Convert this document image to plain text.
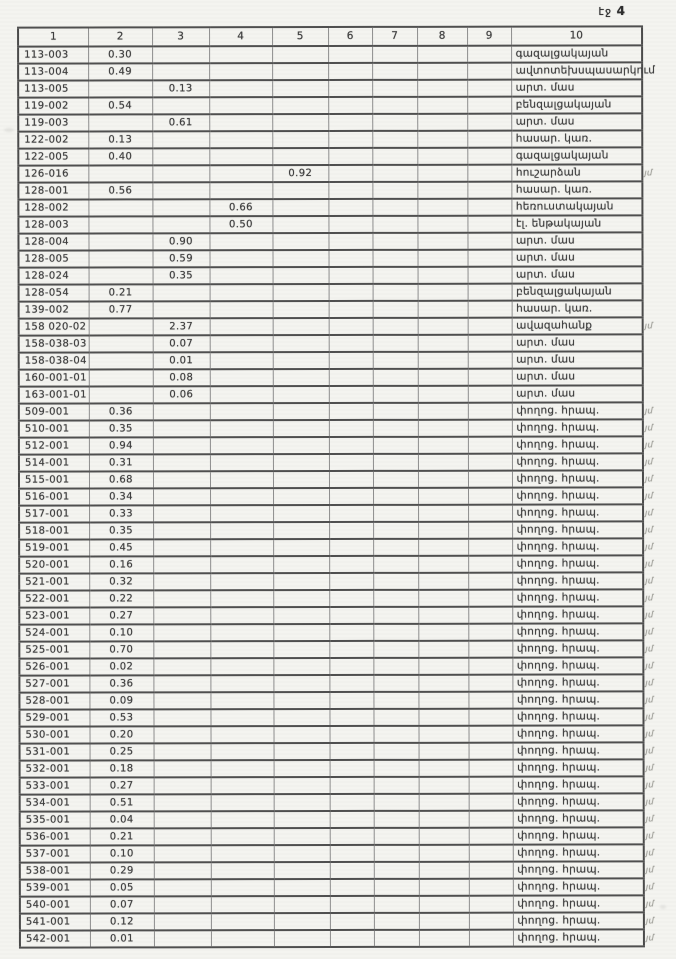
էջ 4
1	2	3	4	5	6	7	8	9	10
113-003	0.30								գազալցակայան
113-004	0.49								ավտոտեխսպասարկում
113-005		0.13							արտ. մաս
119-002	0.54								բենզալցակայան
119-003		0.61							արտ. մաս
122-002	0.13								հասար. կառ.
122-005	0.40								գազալցակայան
126-016				0.92					հուշարձան յմ

128-001	0.56								հասար. կառ.
128-002			0.66						հեռուստակայան
128-003			0.50						էլ. ենթակայան
128-004		0.90							արտ. մաս
128-005		0.59							արտ. մաս
128-024		0.35							արտ. մաս
128-054	0.21								բենզալցակայան
139-002	0.77								հասար. կառ.
158 020-02		2.37							ավազահանք յմ

158-038-03		0.07							արտ. մաս
158-038-04		0.01							արտ. մաս
160-001-01		0.08							արտ. մաս
163-001-01		0.06							արտ. մաս
509-001	0.36								փողոց. հրապ. յմ

510-001	0.35								փողոց. հրապ. յմ

512-001	0.94								փողոց. հրապ. յմ

514-001	0.31								փողոց. հրապ. յմ

515-001	0.68								փողոց. հրապ. յմ

516-001	0.34								փողոց. հրապ. յմ

517-001	0.33								փողոց. հրապ. յմ

518-001	0.35								փողոց. հրապ. յմ

519-001	0.45								փողոց. հրապ. յմ

520-001	0.16								փողոց. հրապ. յմ

521-001	0.32								փողոց. հրապ. յմ

522-001	0.22								փողոց. հրապ. յմ

523-001	0.27								փողոց. հրապ. յմ

524-001	0.10								փողոց. հրապ. յմ

525-001	0.70								փողոց. հրապ. յմ

526-001	0.02								փողոց. հրապ. յմ

527-001	0.36								փողոց. հրապ. յմ

528-001	0.09								փողոց. հրապ. յմ

529-001	0.53								փողոց. հրապ. յմ

530-001	0.20								փողոց. հրապ. յմ

531-001	0.25								փողոց. հրապ. յմ

532-001	0.18								փողոց. հրապ. յմ

533-001	0.27								փողոց. հրապ. յմ

534-001	0.51								փողոց. հրապ. յմ

535-001	0.04								փողոց. հրապ. յմ

536-001	0.21								փողոց. հրապ. յմ

537-001	0.10								փողոց. հրապ. յմ

538-001	0.29								փողոց. հրապ. յմ

539-001	0.05								փողոց. հրապ. յմ

540-001	0.07								փողոց. հրապ. յմ

541-001	0.12								փողոց. հրապ. յմ

542-001	0.01								փողոց. հրապ. յմ
